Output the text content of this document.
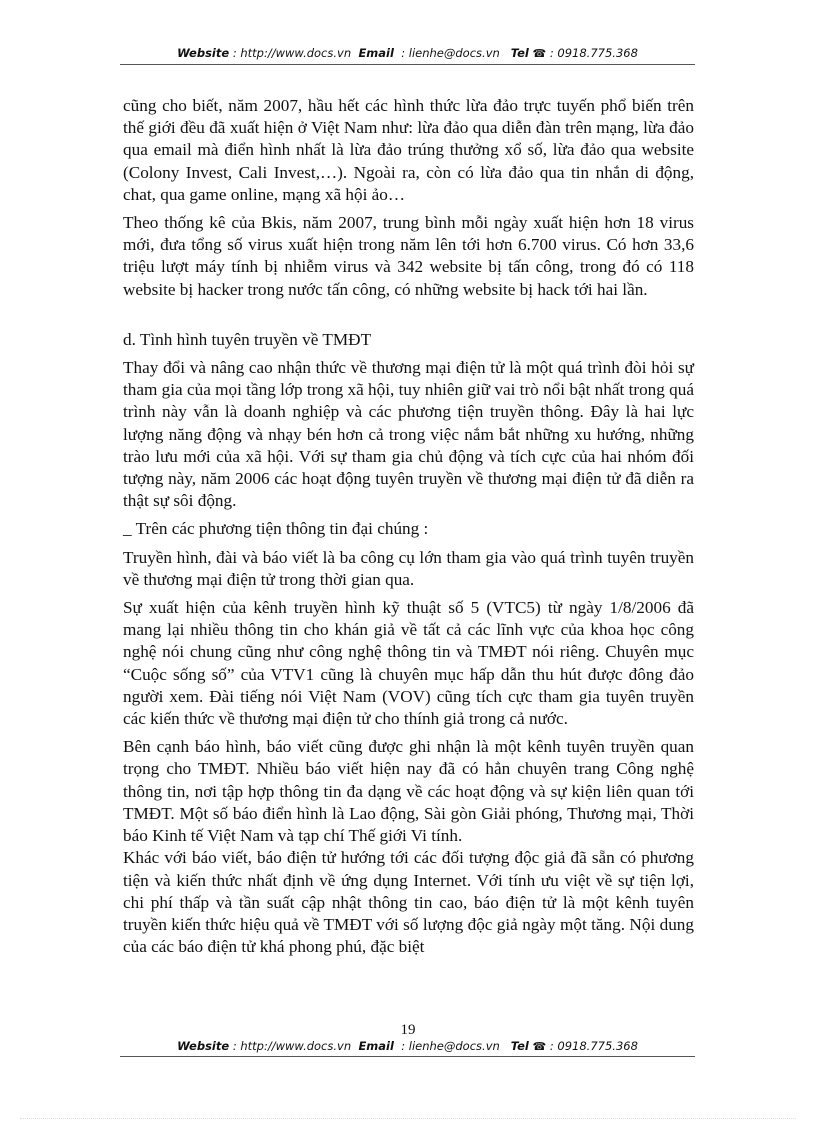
Website : http://www.docs.vn Email : lienhe@docs.vn Tel ☎ : 0918.775.368

cũng cho biết, năm 2007, hầu hết các hình thức lừa đảo trực tuyến phổ biến trên thế giới đều đã xuất hiện ở Việt Nam như: lừa đảo qua diễn đàn trên mạng, lừa đảo qua email mà điển hình nhất là lừa đảo trúng thưởng xổ số, lừa đảo qua website (Colony Invest, Cali Invest,…). Ngoài ra, còn có lừa đảo qua tin nhắn di động, chat, qua game online, mạng xã hội ảo…

Theo thống kê của Bkis, năm 2007, trung bình mỗi ngày xuất hiện hơn 18 virus mới, đưa tổng số virus xuất hiện trong năm lên tới hơn 6.700 virus. Có hơn 33,6 triệu lượt máy tính bị nhiễm virus và 342 website bị tấn công, trong đó có 118 website bị hacker trong nước tấn công, có những website bị hack tới hai lần.

d. Tình hình tuyên truyền về TMĐT

Thay đổi và nâng cao nhận thức về thương mại điện tử là một quá trình đòi hỏi sự tham gia của mọi tầng lớp trong xã hội, tuy nhiên giữ vai trò nổi bật nhất trong quá trình này vẫn là doanh nghiệp và các phương tiện truyền thông. Đây là hai lực lượng năng động và nhạy bén hơn cả trong việc nắm bắt những xu hướng, những trào lưu mới của xã hội. Với sự tham gia chủ động và tích cực của hai nhóm đối tượng này, năm 2006 các hoạt động tuyên truyền về thương mại điện tử đã diễn ra thật sự sôi động.

_ Trên các phương tiện thông tin đại chúng :

Truyền hình, đài và báo viết là ba công cụ lớn tham gia vào quá trình tuyên truyền về thương mại điện tử trong thời gian qua.

Sự xuất hiện của kênh truyền hình kỹ thuật số 5 (VTC5) từ ngày 1/8/2006 đã mang lại nhiều thông tin cho khán giả về tất cả các lĩnh vực của khoa học công nghệ nói chung cũng như công nghệ thông tin và TMĐT nói riêng. Chuyên mục “Cuộc sống số” của VTV1 cũng là chuyên mục hấp dẫn thu hút được đông đảo người xem. Đài tiếng nói Việt Nam (VOV) cũng tích cực tham gia tuyên truyền các kiến thức về thương mại điện tử cho thính giả trong cả nước.

Bên cạnh báo hình, báo viết cũng được ghi nhận là một kênh tuyên truyền quan trọng cho TMĐT. Nhiều báo viết hiện nay đã có hẳn chuyên trang Công nghệ thông tin, nơi tập hợp thông tin đa dạng về các hoạt động và sự kiện liên quan tới TMĐT. Một số báo điển hình là Lao động, Sài gòn Giải phóng, Thương mại, Thời báo Kinh tế Việt Nam và tạp chí Thế giới Vi tính.

Khác với báo viết, báo điện tử hướng tới các đối tượng độc giả đã sẵn có phương tiện và kiến thức nhất định về ứng dụng Internet. Với tính ưu việt về sự tiện lợi, chi phí thấp và tần suất cập nhật thông tin cao, báo điện tử là một kênh tuyên truyền kiến thức hiệu quả về TMĐT với số lượng độc giả ngày một tăng. Nội dung của các báo điện tử khá phong phú, đặc biệt

19
Website : http://www.docs.vn Email : lienhe@docs.vn Tel ☎ : 0918.775.368
